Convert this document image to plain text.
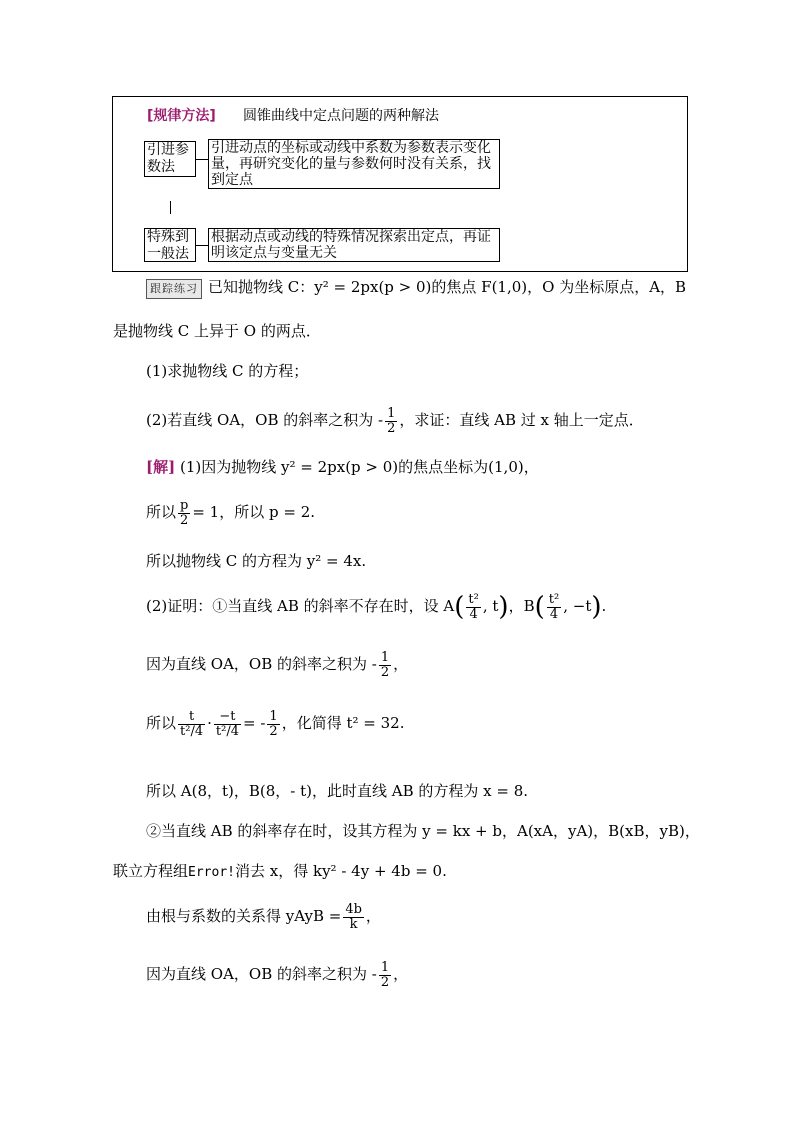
[规律方法] 圆锥曲线中定点问题的两种解法
引进参数法
引进动点的坐标或动线中系数为参数表示变化量，再研究变化的量与参数何时没有关系，找到定点
特殊到一般法
根据动点或动线的特殊情况探索出定点，再证明该定点与变量无关
跟踪练习 已知抛物线 C：y² = 2px(p > 0)的焦点 F(1,0)，O 为坐标原点，A，B
是抛物线 C 上异于 O 的两点．
(1)求抛物线 C 的方程；
(2)若直线 OA，OB 的斜率之积为 - $\frac{1}{2}$ ，求证：直线 AB 过 x 轴上一定点．
[解] (1)因为抛物线 y² = 2px(p > 0)的焦点坐标为(1,0)，
所以 $\frac{p}{2} = 1$，所以 p = 2.
所以抛物线 C 的方程为 y² = 4x.
(2)证明：①当直线 AB 的斜率不存在时，设 $A( \frac{\text{t²}}{4}$ , t)，$B( \frac{\text{t²}}{4}$ , −t).
因为直线 OA，OB 的斜率之积为 - $\frac{1}{2}$ ，
所以 $\frac{t}{\text{t²/4}} \cdot \frac{-t}{\text{t²/4}}$ = - $\frac{1}{2}$ ，化简得 t² = 32.
所以 A(8，t)，B(8，- t)，此时直线 AB 的方程为 x = 8.
②当直线 AB 的斜率存在时，设其方程为 y = kx + b，A(xA，yA)，B(xB，yB)，
联立方程组Error!消去 x，得 ky² - 4y + 4b = 0.
由根与系数的关系得 yAyB = $\frac{4b}{k}$ ，
因为直线 OA，OB 的斜率之积为 - $\frac{1}{2}$ ，
